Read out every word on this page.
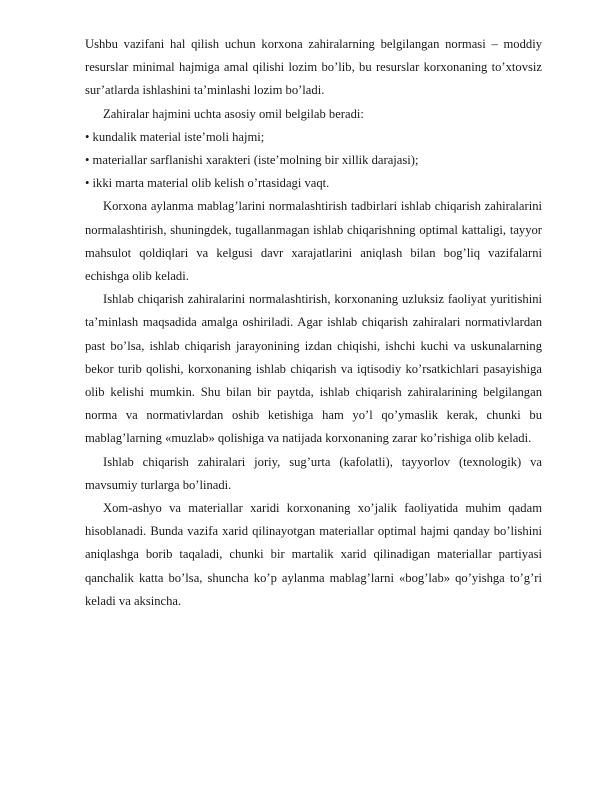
Ushbu vazifani hal qilish uchun korxona zahiralarning belgilangan normasi – moddiy resurslar minimal hajmiga amal qilishi lozim bo’lib, bu resurslar korxonaning to’xtovsiz sur’atlarda ishlashini ta’minlashi lozim bo’ladi.

Zahiralar hajmini uchta asosiy omil belgilab beradi:

• kundalik material iste’moli hajmi;

• materiallar sarflanishi xarakteri (iste’molning bir xillik darajasi);

• ikki marta material olib kelish o’rtasidagi vaqt.

Korxona aylanma mablag’larini normalashtirish tadbirlari ishlab chiqarish zahiralarini normalashtirish, shuningdek, tugallanmagan ishlab chiqarishning optimal kattaligi, tayyor mahsulot qoldiqlari va kelgusi davr xarajatlarini aniqlash bilan bog’liq vazifalarni echishga olib keladi.

Ishlab chiqarish zahiralarini normalashtirish, korxonaning uzluksiz faoliyat yuritishini ta’minlash maqsadida amalga oshiriladi. Agar ishlab chiqarish zahiralari normativlardan past bo’lsa, ishlab chiqarish jarayonining izdan chiqishi, ishchi kuchi va uskunalarning bekor turib qolishi, korxonaning ishlab chiqarish va iqtisodiy ko’rsatkichlari pasayishiga olib kelishi mumkin. Shu bilan bir paytda, ishlab chiqarish zahiralarining belgilangan norma va normativlardan oshib ketishiga ham yo’l qo’ymaslik kerak, chunki bu mablag’larning «muzlab» qolishiga va natijada korxonaning zarar ko’rishiga olib keladi.

Ishlab chiqarish zahiralari joriy, sug’urta (kafolatli), tayyorlov (texnologik) va mavsumiy turlarga bo’linadi.

Xom-ashyo va materiallar xaridi korxonaning xo’jalik faoliyatida muhim qadam hisoblanadi. Bunda vazifa xarid qilinayotgan materiallar optimal hajmi qanday bo’lishini aniqlashga borib taqaladi, chunki bir martalik xarid qilinadigan materiallar partiyasi qanchalik katta bo’lsa, shuncha ko’p aylanma mablag’larni «bog’lab» qo’yishga to’g’ri keladi va aksincha.
